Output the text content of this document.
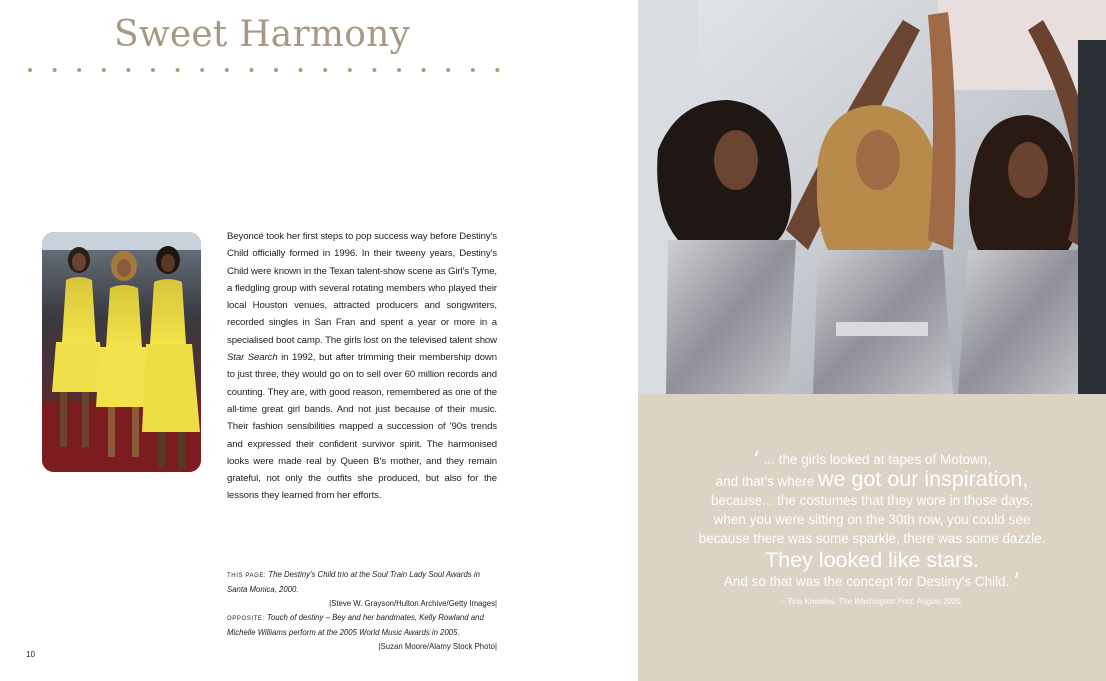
Sweet Harmony

Beyoncé took her first steps to pop success way before Destiny's Child officially formed in 1996. In their tweeny years, Destiny's Child were known in the Texan talent-show scene as Girl's Tyme, a fledgling group with several rotating members who played their local Houston venues, attracted producers and songwriters, recorded singles in San Fran and spent a year or more in a specialised boot camp. The girls lost on the televised talent show Star Search in 1992, but after trimming their membership down to just three, they would go on to sell over 60 million records and counting. They are, with good reason, remembered as one of the all-time great girl bands. And not just because of their music. Their fashion sensibilities mapped a succession of '90s trends and expressed their confident survivor spirit. The harmonised looks were made real by Queen B's mother, and they remain grateful, not only the outfits she produced, but also for the lessons they learned from her efforts.

THIS PAGE: The Destiny's Child trio at the Soul Train Lady Soul Awards in Santa Monica, 2000.
|Steve W. Grayson/Hulton Archive/Getty Images|

OPPOSITE: Touch of destiny – Bey and her bandmates, Kelly Rowland and Michelle Williams perform at the 2005 World Music Awards in 2005.
|Suzan Moore/Alamy Stock Photo|

10
‘ ... the girls looked at tapes of Motown,
and that's where we got our inspiration,
because... the costumes that they wore in those days,
when you were sitting on the 30th row, you could see
because there was some sparkle, there was some dazzle.
They looked like stars.
And so that was the concept for Destiny's Child. ’
– Tina Knowles, The Washington Post, August 2020.
